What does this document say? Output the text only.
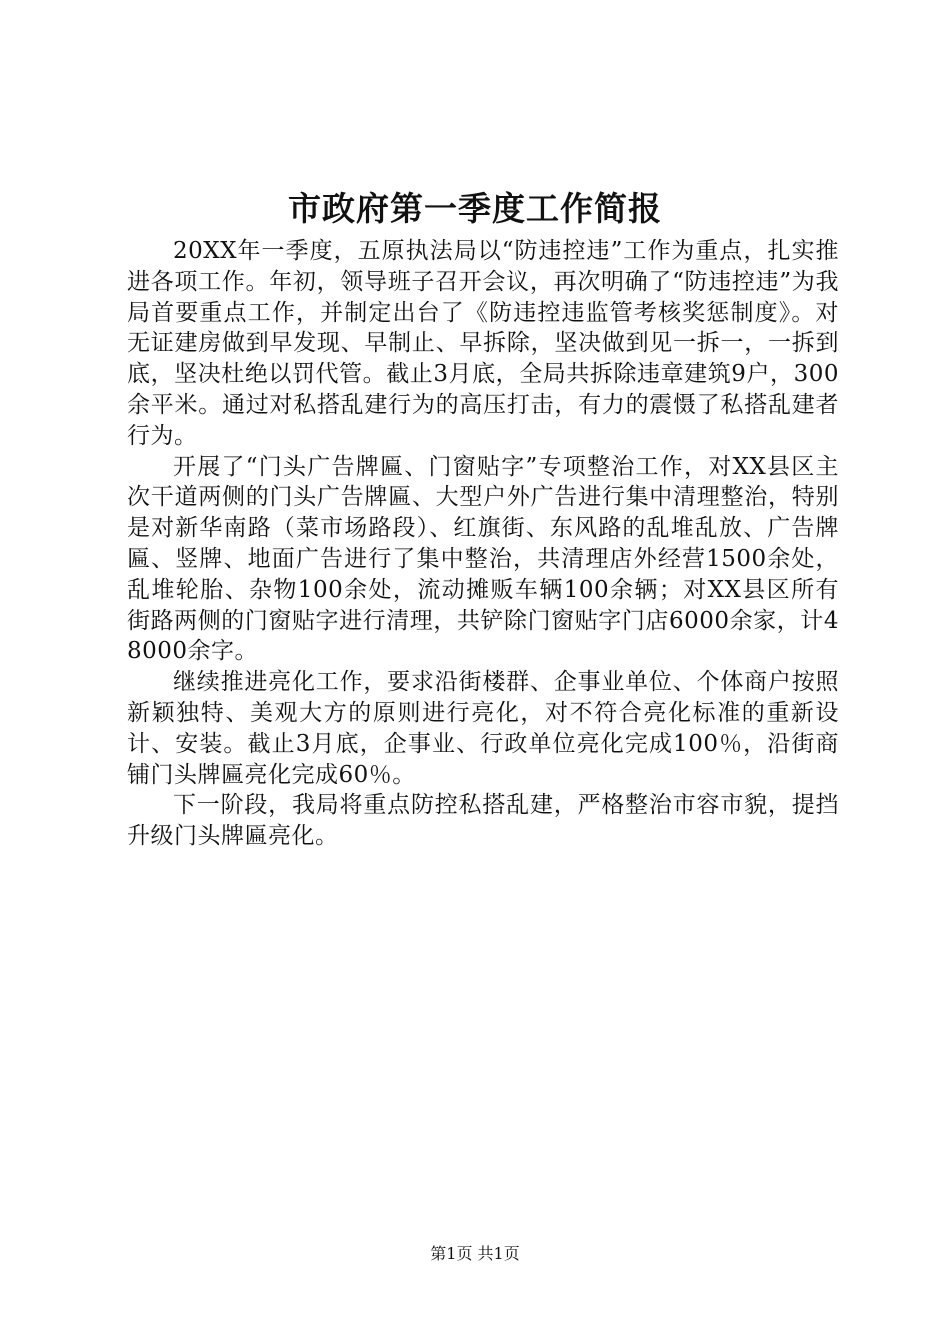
市政府第一季度工作简报

20XX年一季度，五原执法局以“防违控违”工作为重点，扎实推进各项工作。年初，领导班子召开会议，再次明确了“防违控违”为我局首要重点工作，并制定出台了《防违控违监管考核奖惩制度》。对无证建房做到早发现、早制止、早拆除，坚决做到见一拆一，一拆到底，坚决杜绝以罚代管。截止3月底，全局共拆除违章建筑9户，300余平米。通过对私搭乱建行为的高压打击，有力的震慑了私搭乱建者行为。

开展了“门头广告牌匾、门窗贴字”专项整治工作，对XX县区主次干道两侧的门头广告牌匾、大型户外广告进行集中清理整治，特别是对新华南路（菜市场路段）、红旗街、东风路的乱堆乱放、广告牌匾、竖牌、地面广告进行了集中整治，共清理店外经营1500余处，乱堆轮胎、杂物100余处，流动摊贩车辆100余辆；对XX县区所有街路两侧的门窗贴字进行清理，共铲除门窗贴字门店6000余家，计48000余字。

继续推进亮化工作，要求沿街楼群、企事业单位、个体商户按照新颖独特、美观大方的原则进行亮化，对不符合亮化标准的重新设计、安装。截止3月底，企事业、行政单位亮化完成100％，沿街商铺门头牌匾亮化完成60％。

下一阶段，我局将重点防控私搭乱建，严格整治市容市貌，提挡升级门头牌匾亮化。

第1页 共1页
